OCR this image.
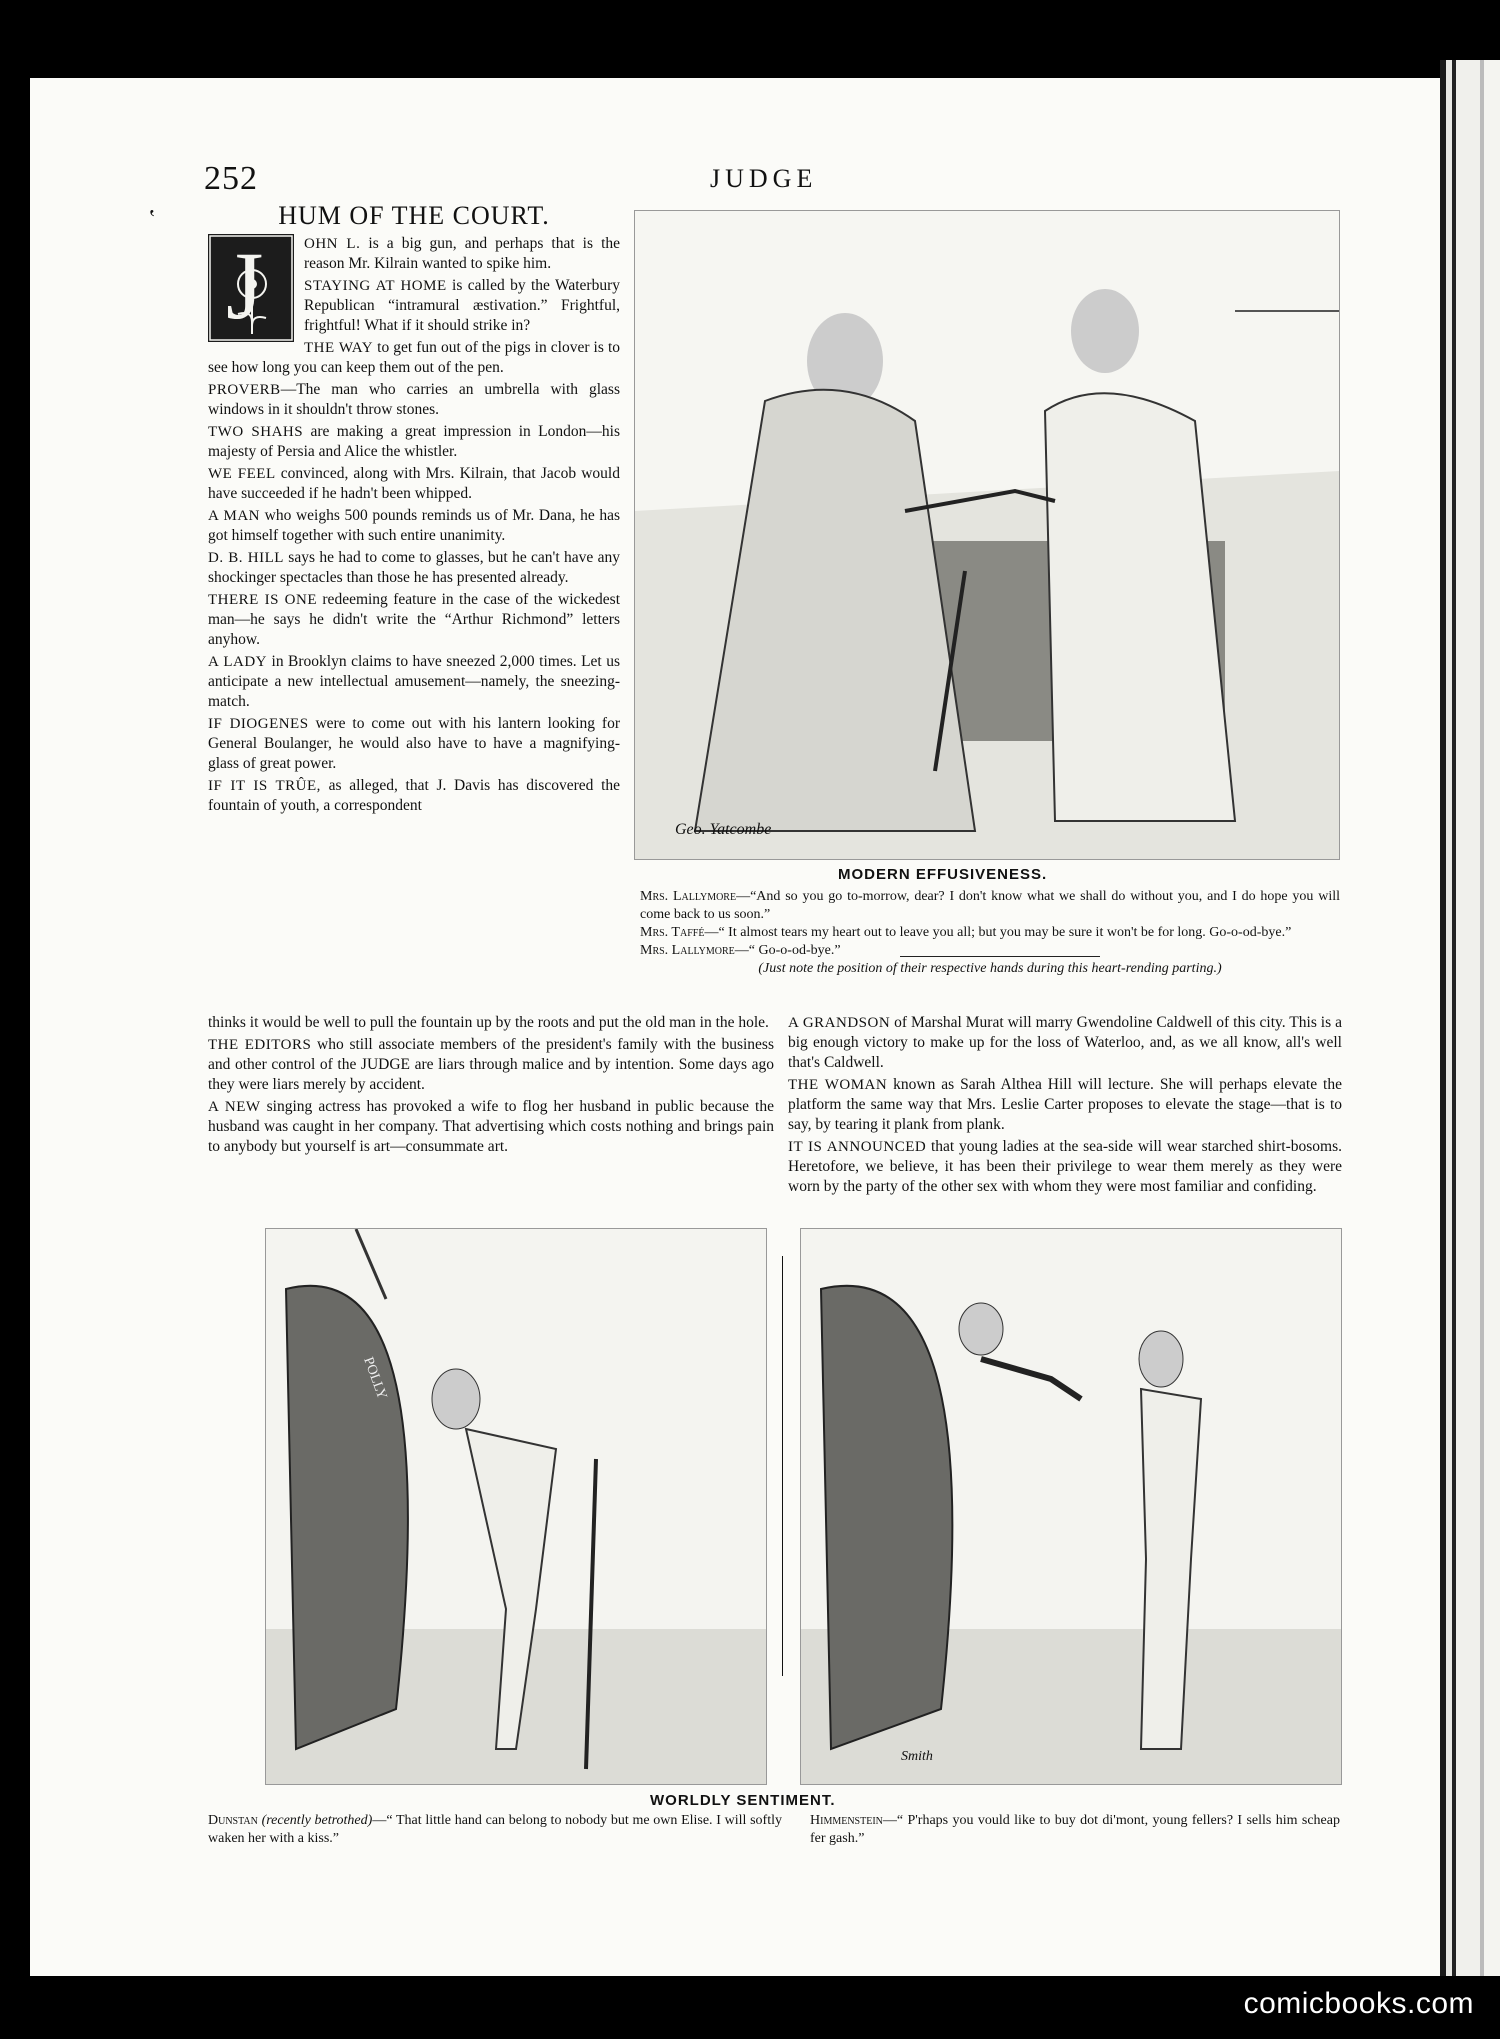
252	JUDGE
ʽ	HUM OF THE COURT.
J	OHN L. is a big gun, and perhaps that is the reason Mr. Kilrain wanted to spike him.

STAYING AT HOME is called by the Waterbury Republican “intramural æstivation.” Frightful, frightful! What if it should strike in?

THE WAY to get fun out of the pigs in clover is to see how long you can keep them out of the pen.

PROVERB—The man who carries an umbrella with glass windows in it shouldn't throw stones.

TWO SHAHS are making a great impression in London—his majesty of Persia and Alice the whistler.

WE FEEL convinced, along with Mrs. Kilrain, that Jacob would have succeeded if he hadn't been whipped.

A MAN who weighs 500 pounds reminds us of Mr. Dana, he has got himself together with such entire unanimity.

D. B. HILL says he had to come to glasses, but he can't have any shockinger spectacles than those he has presented already.

THERE IS ONE redeeming feature in the case of the wickedest man—he says he didn't write the “Arthur Richmond” letters anyhow.

A LADY in Brooklyn claims to have sneezed 2,000 times. Let us anticipate a new intellectual amusement—namely, the sneezing-match.

IF DIOGENES were to come out with his lantern looking for General Boulanger, he would also have to have a magnifying-glass of great power.

IF IT IS TRÛE, as alleged, that J. Davis has discovered the fountain of youth, a correspondent

thinks it would be well to pull the fountain up by the roots and put the old man in the hole.

THE EDITORS who still associate members of the president's family with the business and other control of the JUDGE are liars through malice and by intention. Some days ago they were liars merely by accident.

A NEW singing actress has provoked a wife to flog her husband in public because the husband was caught in her company. That advertising which costs nothing and brings pain to anybody but yourself is art—consummate art.

A GRANDSON of Marshal Murat will marry Gwendoline Caldwell of this city. This is a big enough victory to make up for the loss of Waterloo, and, as we all know, all's well that's Caldwell.

THE WOMAN known as Sarah Althea Hill will lecture. She will perhaps elevate the platform the same way that Mrs. Leslie Carter proposes to elevate the stage—that is to say, by tearing it plank from plank.

IT IS ANNOUNCED that young ladies at the sea-side will wear starched shirt-bosoms. Heretofore, we believe, it has been their privilege to wear them merely as they were worn by the party of the other sex with whom they were most familiar and confiding.

Geo. Yatcombe
MODERN EFFUSIVENESS.

Mrs. Lallymore—“And so you go to-morrow, dear? I don't know what we shall do without you, and I do hope you will come back to us soon.”

Mrs. Taffé—“ It almost tears my heart out to leave you all; but you may be sure it won't be for long. Go-o-od-bye.”

Mrs. Lallymore—“ Go-o-od-bye.”

(Just note the position of their respective hands during this heart-rending parting.)

POLLY
Smith
WORLDLY SENTIMENT.

Dunstan (recently betrothed)—“ That little hand can belong to nobody but me own Elise. I will softly waken her with a kiss.”

Himmenstein—“ P'rhaps you vould like to buy dot di'mont, young fellers? I sells him scheap fer gash.”

comicbooks.com
